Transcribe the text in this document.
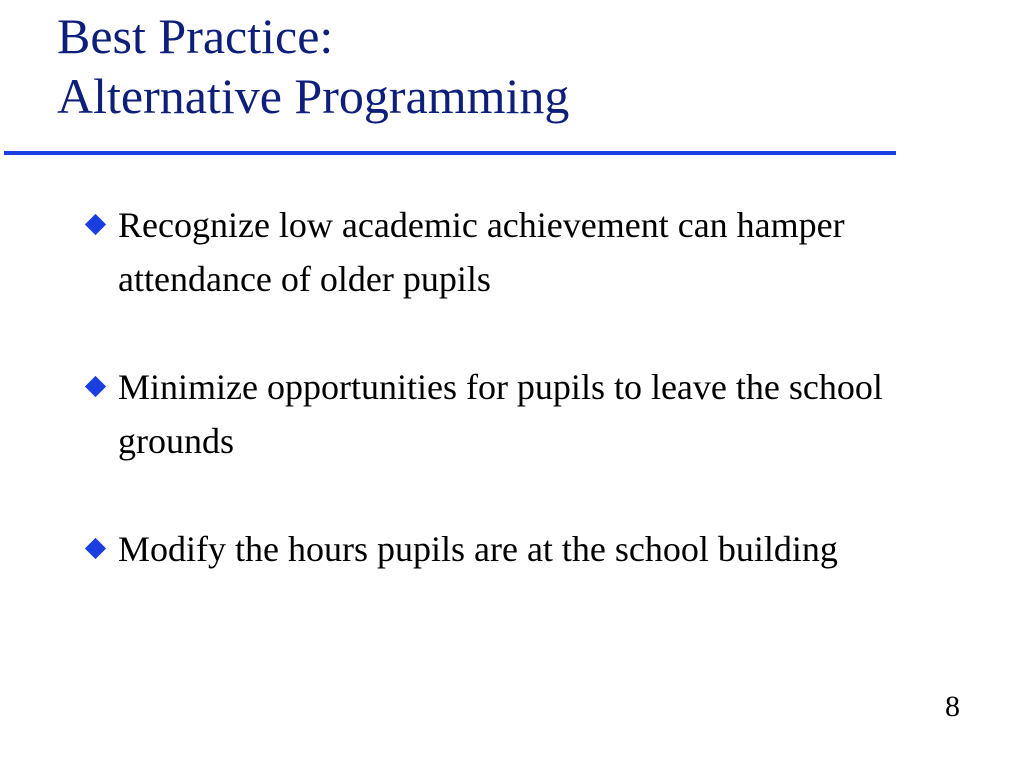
Best Practice:
Alternative Programming
Recognize low academic achievement can hamper attendance of older pupils
Minimize opportunities for pupils to leave the school grounds
Modify the hours pupils are at the school building
8
